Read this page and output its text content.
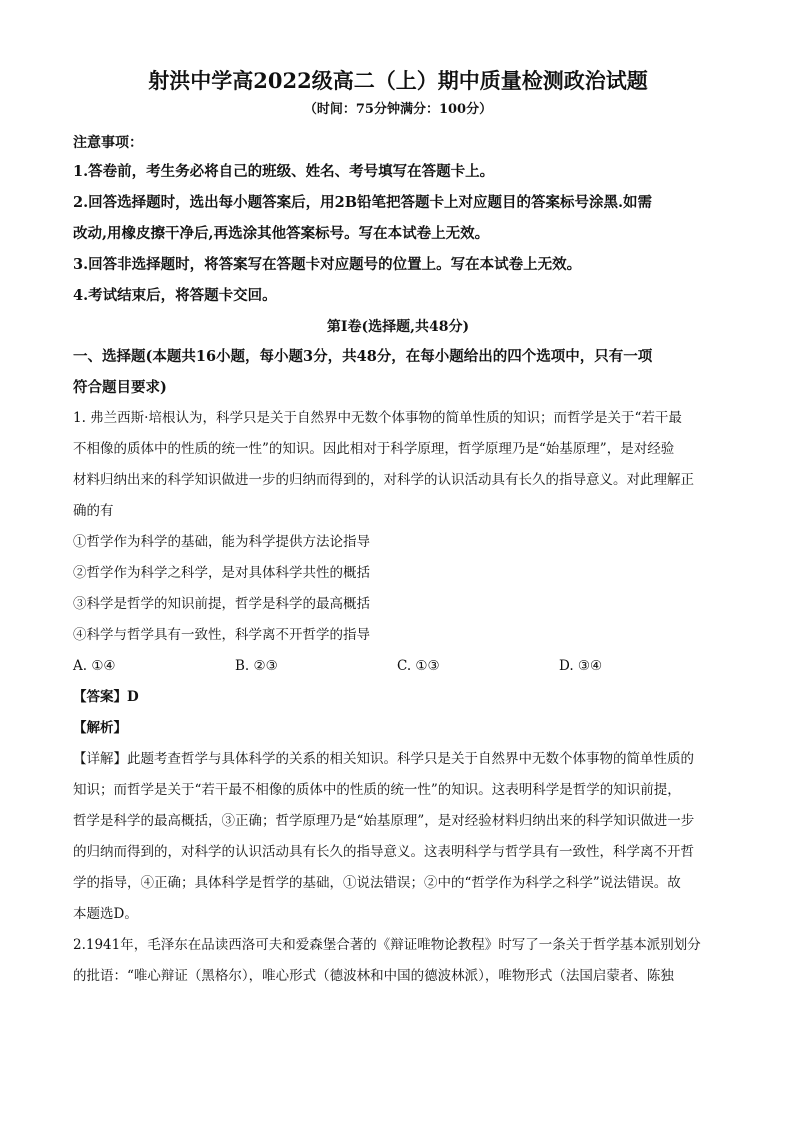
射洪中学高2022级高二（上）期中质量检测政治试题
（时间：75分钟满分：100分）
注意事项：
1.答卷前，考生务必将自己的班级、姓名、考号填写在答题卡上。
2.回答选择题时，选出每小题答案后，用2B铅笔把答题卡上对应题目的答案标号涂黑.如需
改动,用橡皮擦干净后,再选涂其他答案标号。写在本试卷上无效。
3.回答非选择题时，将答案写在答题卡对应题号的位置上。写在本试卷上无效。
4.考试结束后，将答题卡交回。
第Ⅰ卷(选择题,共48分)
一、选择题(本题共16小题，每小题3分，共48分，在每小题给出的四个选项中，只有一项
符合题目要求)
1. 弗兰西斯·培根认为，科学只是关于自然界中无数个体事物的简单性质的知识；而哲学是关于“若干最
不相像的质体中的性质的统一性”的知识。因此相对于科学原理，哲学原理乃是“始基原理”，是对经验
材料归纳出来的科学知识做进一步的归纳而得到的，对科学的认识活动具有长久的指导意义。对此理解正
确的有
①哲学作为科学的基础，能为科学提供方法论指导
②哲学作为科学之科学，是对具体科学共性的概括
③科学是哲学的知识前提，哲学是科学的最高概括
④科学与哲学具有一致性，科学离不开哲学的指导
A. ①④	B. ②③	C. ①③	D. ③④
【答案】D
【解析】
【详解】此题考查哲学与具体科学的关系的相关知识。科学只是关于自然界中无数个体事物的简单性质的
知识；而哲学是关于“若干最不相像的质体中的性质的统一性”的知识。这表明科学是哲学的知识前提，
哲学是科学的最高概括，③正确；哲学原理乃是“始基原理”，是对经验材料归纳出来的科学知识做进一步
的归纳而得到的，对科学的认识活动具有长久的指导意义。这表明科学与哲学具有一致性，科学离不开哲
学的指导，④正确；具体科学是哲学的基础，①说法错误；②中的“哲学作为科学之科学”说法错误。故
本题选D。
2.1941年，毛泽东在品读西洛可夫和爱森堡合著的《辩证唯物论教程》时写了一条关于哲学基本派别划分
的批语：“唯心辩证（黑格尔），唯心形式（德波林和中国的德波林派），唯物形式（法国启蒙者、陈独
